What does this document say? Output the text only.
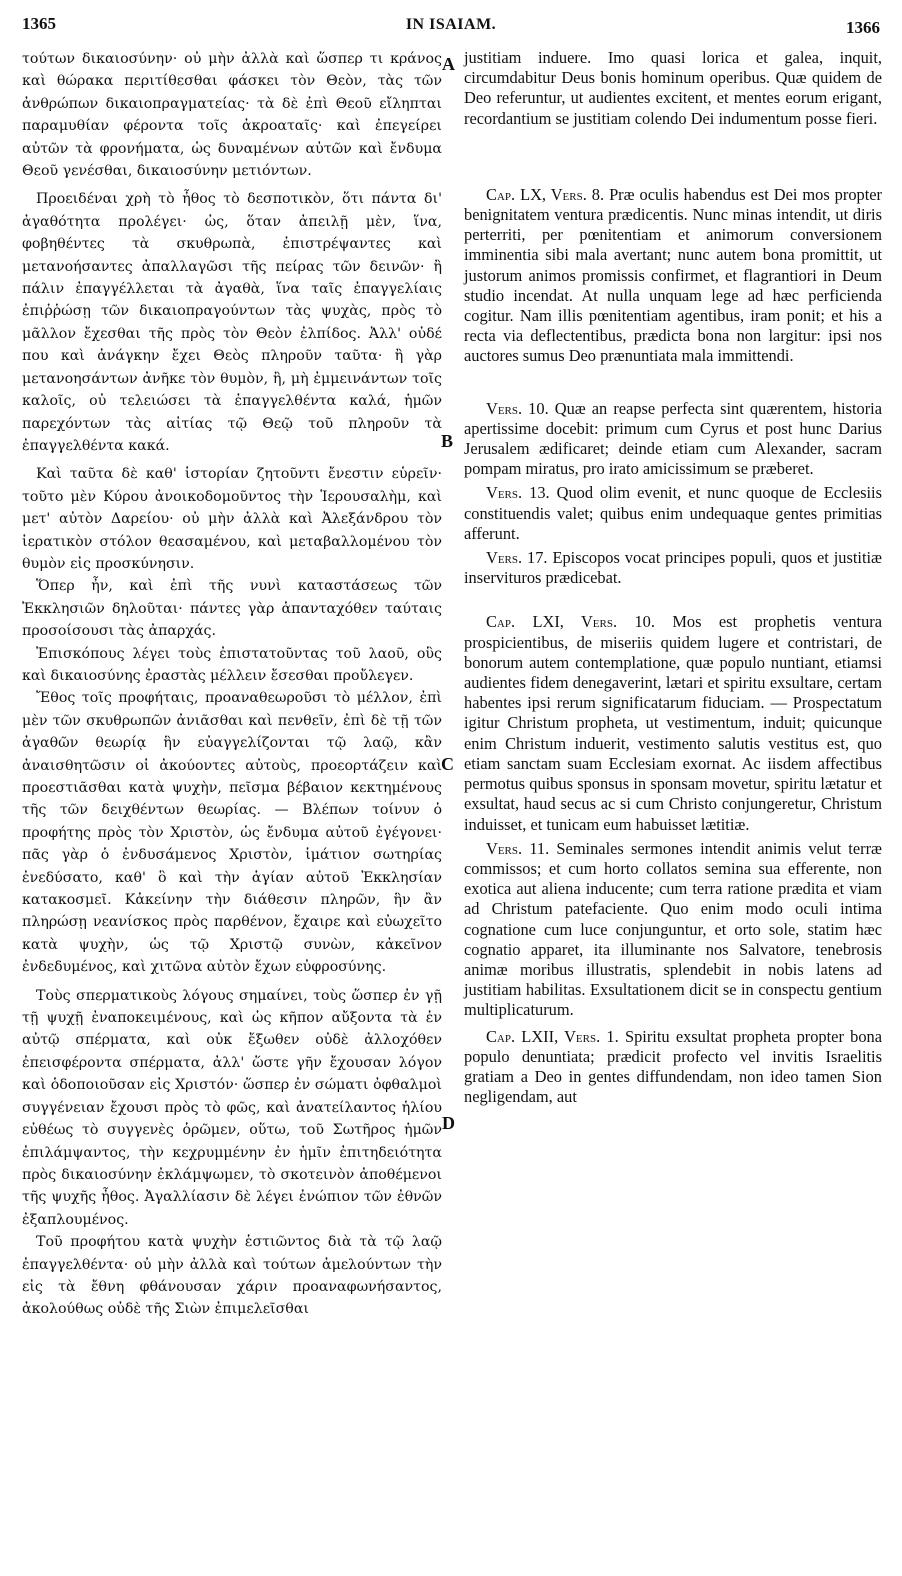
1365	IN ISAIAM.	1366

τούτων δικαιοσύνην· οὐ μὴν ἀλλὰ καὶ ὥσπερ τι κράνος καὶ θώρακα περιτίθεσθαι φάσκει τὸν Θεὸν, τὰς τῶν ἀνθρώπων δικαιοπραγματείας· τὰ δὲ ἐπὶ Θεοῦ εἴληπται παραμυθίαν φέροντα τοῖς ἀκροαταῖς· καὶ ἐπεγείρει αὐτῶν τὰ φρονήματα, ὡς δυναμένων αὐτῶν καὶ ἔνδυμα Θεοῦ γενέσθαι, δικαιοσύνην μετιόντων.

Προειδέναι χρὴ τὸ ἦθος τὸ δεσποτικὸν, ὅτι πάντα δι' ἀγαθότητα προλέγει· ὡς, ὅταν ἀπειλῇ μὲν, ἵνα, φοβηθέντες τὰ σκυθρωπὰ, ἐπιστρέψαντες καὶ μετανοήσαντες ἀπαλλαγῶσι τῆς πείρας τῶν δεινῶν· ἢ πάλιν ἐπαγγέλλεται τὰ ἀγαθὰ, ἵνα ταῖς ἐπαγγελίαις ἐπιῤῥώσῃ τῶν δικαιοπραγούντων τὰς ψυχὰς, πρὸς τὸ μᾶλλον ἔχεσθαι τῆς πρὸς τὸν Θεὸν ἐλπίδος. Ἀλλ' οὐδέ που καὶ ἀνάγκην ἔχει Θεὸς πληροῦν ταῦτα· ἢ γὰρ μετανοησάντων ἀνῆκε τὸν θυμὸν, ἢ, μὴ ἐμμεινάντων τοῖς καλοῖς, οὐ τελειώσει τὰ ἐπαγγελθέντα καλά, ἡμῶν παρεχόντων τὰς αἰτίας τῷ Θεῷ τοῦ πληροῦν τὰ ἐπαγγελθέντα κακά.

Καὶ ταῦτα δὲ καθ' ἱστορίαν ζητοῦντι ἔνεστιν εὑρεῖν· τοῦτο μὲν Κύρου ἀνοικοδομοῦντος τὴν Ἱερουσαλὴμ, καὶ μετ' αὐτὸν Δαρείου· οὐ μὴν ἀλλὰ καὶ Ἀλεξάνδρου τὸν ἱερατικὸν στόλον θεασαμένου, καὶ μεταβαλλομένου τὸν θυμὸν εἰς προσκύνησιν.

Ὅπερ ἦν, καὶ ἐπὶ τῆς νυνὶ καταστάσεως τῶν Ἐκκλησιῶν δηλοῦται· πάντες γὰρ ἁπανταχόθεν ταύταις προσοίσουσι τὰς ἀπαρχάς.

Ἐπισκόπους λέγει τοὺς ἐπιστατοῦντας τοῦ λαοῦ, οὓς καὶ δικαιοσύνης ἐραστὰς μέλλειν ἔσεσθαι προὔλεγεν.

Ἔθος τοῖς προφήταις, προαναθεωροῦσι τὸ μέλλον, ἐπὶ μὲν τῶν σκυθρωπῶν ἀνιᾶσθαι καὶ πενθεῖν, ἐπὶ δὲ τῇ τῶν ἀγαθῶν θεωρίᾳ ἣν εὐαγγελίζονται τῷ λαῷ, κἂν ἀναισθητῶσιν οἱ ἀκούοντες αὐτοὺς, προεορτάζειν καὶ προεστιᾶσθαι κατὰ ψυχὴν, πεῖσμα βέβαιον κεκτημένους τῆς τῶν δειχθέντων θεωρίας. — Βλέπων τοίνυν ὁ προφήτης πρὸς τὸν Χριστὸν, ὡς ἔνδυμα αὐτοῦ ἐγέγονει· πᾶς γὰρ ὁ ἐνδυσάμενος Χριστὸν, ἱμάτιον σωτηρίας ἐνεδύσατο, καθ' ὃ καὶ τὴν ἁγίαν αὐτοῦ Ἐκκλησίαν κατακοσμεῖ. Κἀκείνην τὴν διάθεσιν πληρῶν, ἣν ἂν πληρώσῃ νεανίσκος πρὸς παρθένον, ἔχαιρε καὶ εὐωχεῖτο κατὰ ψυχὴν, ὡς τῷ Χριστῷ συνὼν, κἀκεῖνον ἐνδεδυμένος, καὶ χιτῶνα αὐτὸν ἔχων εὐφροσύνης.

Τοὺς σπερματικοὺς λόγους σημαίνει, τοὺς ὥσπερ ἐν γῇ τῇ ψυχῇ ἐναποκειμένους, καὶ ὡς κῆπον αὔξοντα τὰ ἐν αὐτῷ σπέρματα, καὶ οὐκ ἔξωθεν οὐδὲ ἀλλοχόθεν ἐπεισφέροντα σπέρματα, ἀλλ' ὥστε γῆν ἔχουσαν λόγον καὶ ὁδοποιοῦσαν εἰς Χριστόν· ὥσπερ ἐν σώματι ὀφθαλμοὶ συγγένειαν ἔχουσι πρὸς τὸ φῶς, καὶ ἀνατείλαντος ἡλίου εὐθέως τὸ συγγενὲς ὁρῶμεν, οὕτω, τοῦ Σωτῆρος ἡμῶν ἐπιλάμψαντος, τὴν κεχρυμμένην ἐν ἡμῖν ἐπιτηδειότητα πρὸς δικαιοσύνην ἐκλάμψωμεν, τὸ σκοτεινὸν ἀποθέμενοι τῆς ψυχῆς ἦθος. Ἀγαλλίασιν δὲ λέγει ἐνώπιον τῶν ἐθνῶν ἐξαπλουμένος.

Τοῦ προφήτου κατὰ ψυχὴν ἑστιῶντος διὰ τὰ τῷ λαῷ ἐπαγγελθέντα· οὐ μὴν ἀλλὰ καὶ τούτων ἀμελούντων τὴν εἰς τὰ ἔθνη φθάνουσαν χάριν προαναφωνήσαντος, ἀκολούθως οὐδὲ τῆς Σιὼν ἐπιμελεῖσθαι

A
B
C
D

justitiam induere. Imo quasi lorica et galea, inquit, circumdabitur Deus bonis hominum operibus. Quæ quidem de Deo referuntur, ut audientes excitent, et mentes eorum erigant, recordantium se justitiam colendo Dei indumentum posse fieri.

Cap. LX, Vers. 8. Præ oculis habendus est Dei mos propter benignitatem ventura prædicentis. Nunc minas intendit, ut diris perterriti, per pœnitentiam et animorum conversionem imminentia sibi mala avertant; nunc autem bona promittit, ut justorum animos promissis confirmet, et flagrantiori in Deum studio incendat. At nulla unquam lege ad hæc perficienda cogitur. Nam illis pœnitentiam agentibus, iram ponit; et his a recta via deflectentibus, prædicta bona non largitur: ipsi nos auctores sumus Deo prænuntiata mala immittendi.

Vers. 10. Quæ an reapse perfecta sint quærentem, historia apertissime docebit: primum cum Cyrus et post hunc Darius Jerusalem ædificaret; deinde etiam cum Alexander, sacram pompam miratus, pro irato amicissimum se præberet.

Vers. 13. Quod olim evenit, et nunc quoque de Ecclesiis constituendis valet; quibus enim undequaque gentes primitias afferunt.

Vers. 17. Episcopos vocat principes populi, quos et justitiæ inservituros prædicebat.

Cap. LXI, Vers. 10. Mos est prophetis ventura prospicientibus, de miseriis quidem lugere et contristari, de bonorum autem contemplatione, quæ populo nuntiant, etiamsi audientes fidem denegaverint, lætari et spiritu exsultare, certam habentes ipsi rerum significatarum fiduciam. — Prospectatum igitur Christum propheta, ut vestimentum, induit; quicunque enim Christum induerit, vestimento salutis vestitus est, quo etiam sanctam suam Ecclesiam exornat. Ac iisdem affectibus permotus quibus sponsus in sponsam movetur, spiritu lætatur et exsultat, haud secus ac si cum Christo conjungeretur, Christum induisset, et tunicam eum habuisset lætitiæ.

Vers. 11. Seminales sermones intendit animis velut terræ commissos; et cum horto collatos semina sua efferente, non exotica aut aliena inducente; cum terra ratione prædita et viam ad Christum patefaciente. Quo enim modo oculi intima cognatione cum luce conjunguntur, et orto sole, statim hæc cognatio apparet, ita illuminante nos Salvatore, tenebrosis animæ moribus illustratis, splendebit in nobis latens ad justitiam habilitas. Exsultationem dicit se in conspectu gentium multiplicaturum.

Cap. LXII, Vers. 1. Spiritu exsultat propheta propter bona populo denuntiata; prædicit profecto vel invitis Israelitis gratiam a Deo in gentes diffundendam, non ideo tamen Sion negligendam, aut
